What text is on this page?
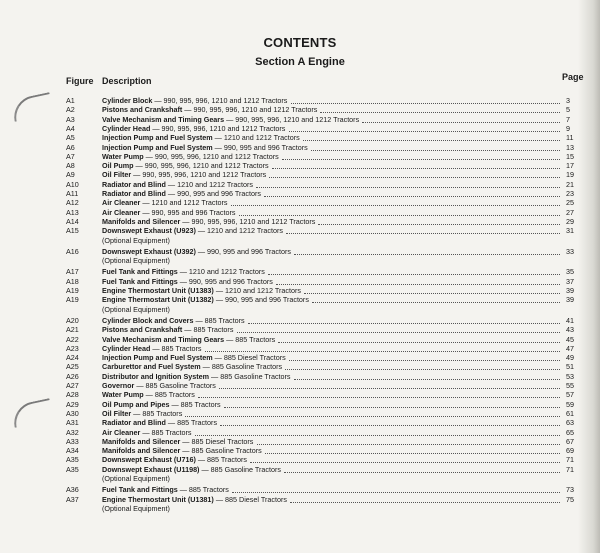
CONTENTS
Section A Engine
Figure Description	Page
A1	Cylinder Block — 990, 995, 996, 1210 and 1212 Tractors	3
A2	Pistons and Crankshaft — 990, 995, 996, 1210 and 1212 Tractors	5
A3	Valve Mechanism and Timing Gears — 990, 995, 996, 1210 and 1212 Tractors	7
A4	Cylinder Head — 990, 995, 996, 1210 and 1212 Tractors	9
A5	Injection Pump and Fuel System — 1210 and 1212 Tractors	11
A6	Injection Pump and Fuel System — 990, 995 and 996 Tractors	13
A7	Water Pump — 990, 995, 996, 1210 and 1212 Tractors	15
A8	Oil Pump — 990, 995, 996, 1210 and 1212 Tractors	17
A9	Oil Filter — 990, 995, 996, 1210 and 1212 Tractors	19
A10	Radiator and Blind — 1210 and 1212 Tractors	21
A11	Radiator and Blind — 990, 995 and 996 Tractors	23
A12	Air Cleaner — 1210 and 1212 Tractors	25
A13	Air Cleaner — 990, 995 and 996 Tractors	27
A14	Manifolds and Silencer — 990, 995, 996, 1210 and 1212 Tractors	29
A15	Downswept Exhaust (U923) — 1210 and 1212 Tractors	31
(Optional Equipment)
A16	Downswept Exhaust (U392) — 990, 995 and 996 Tractors	33
(Optional Equipment)
A17	Fuel Tank and Fittings — 1210 and 1212 Tractors	35
A18	Fuel Tank and Fittings — 990, 995 and 996 Tractors	37
A19	Engine Thermostart Unit (U1383) — 1210 and 1212 Tractors	39
A19	Engine Thermostart Unit (U1382) — 990, 995 and 996 Tractors	39
(Optional Equipment)
A20	Cylinder Block and Covers — 885 Tractors	41
A21	Pistons and Crankshaft — 885 Tractors	43
A22	Valve Mechanism and Timing Gears — 885 Tractors	45
A23	Cylinder Head — 885 Tractors	47
A24	Injection Pump and Fuel System — 885 Diesel Tractors	49
A25	Carburettor and Fuel System — 885 Gasoline Tractors	51
A26	Distributor and Ignition System — 885 Gasoline Tractors	53
A27	Governor — 885 Gasoline Tractors	55
A28	Water Pump — 885 Tractors	57
A29	Oil Pump and Pipes — 885 Tractors	59
A30	Oil Filter — 885 Tractors	61
A31	Radiator and Blind — 885 Tractors	63
A32	Air Cleaner — 885 Tractors	65
A33	Manifolds and Silencer — 885 Diesel Tractors	67
A34	Manifolds and Silencer — 885 Gasoline Tractors	69
A35	Downswept Exhaust (U716) — 885 Tractors	71
A35	Downswept Exhaust (U1198) — 885 Gasoline Tractors	71
(Optional Equipment)
A36	Fuel Tank and Fittings — 885 Tractors	73
A37	Engine Thermostart Unit (U1381) — 885 Diesel Tractors	75
(Optional Equipment)
